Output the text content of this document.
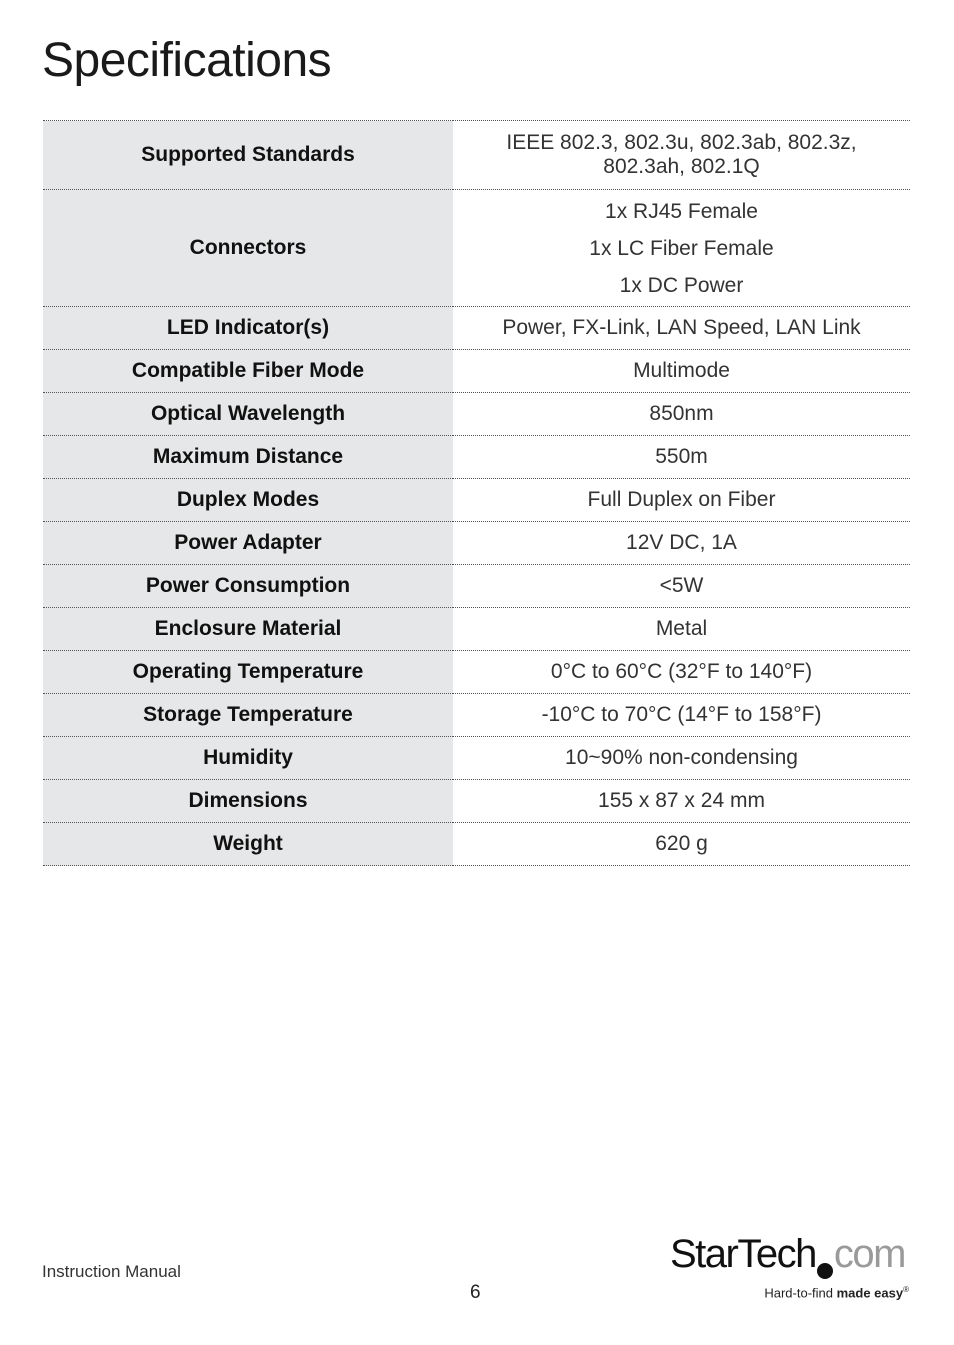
Specifications
Supported Standards	IEEE 802.3, 802.3u, 802.3ab, 802.3z,
802.3ah, 802.1Q
Connectors	1x RJ45 Female
1x LC Fiber Female
1x DC Power

LED Indicator(s)	Power, FX-Link, LAN Speed, LAN Link
Compatible Fiber Mode	Multimode
Optical Wavelength	850nm
Maximum Distance	550m
Duplex Modes	Full Duplex on Fiber
Power Adapter	12V DC, 1A
Power Consumption	<5W
Enclosure Material	Metal
Operating Temperature	0°C to 60°C (32°F to 140°F)
Storage Temperature	-10°C to 70°C (14°F to 158°F)
Humidity	10~90% non-condensing
Dimensions	155 x 87 x 24 mm
Weight	620 g
Instruction Manual
6
StarTech com
Hard-to-find made easy®
